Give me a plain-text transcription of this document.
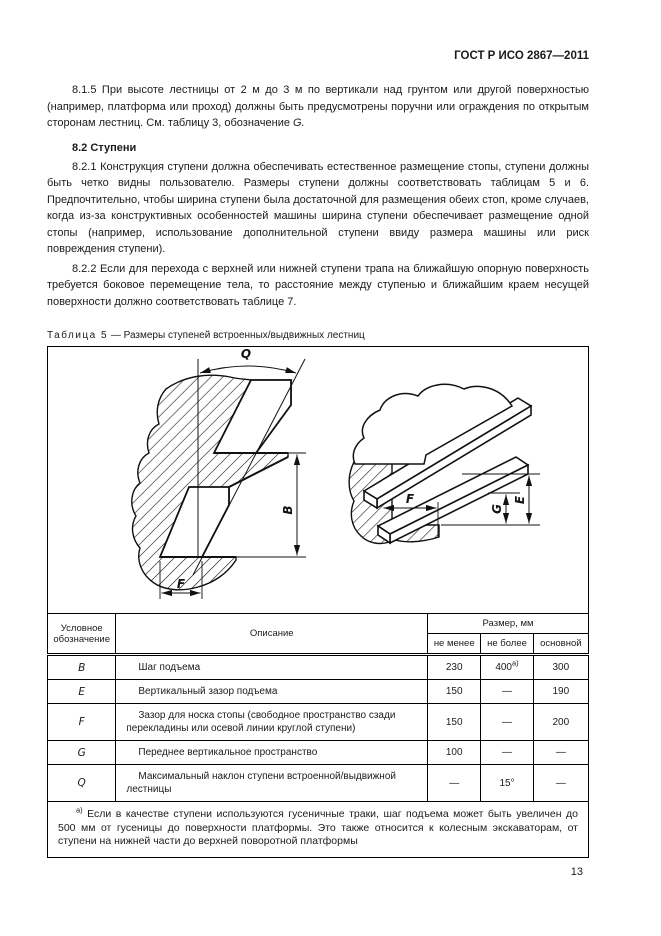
ГОСТ Р ИСО 2867—2011

8.1.5 При высоте лестницы от 2 м до 3 м по вертикали над грунтом или другой поверхностью (например, платформа или проход) должны быть предусмотрены поручни или ограждения по открытым сторонам лестниц. См. таблицу 3, обозначение G.

8.2 Ступени

8.2.1 Конструкция ступени должна обеспечивать естественное размещение стопы, ступени должны быть четко видны пользователю. Размеры ступени должны соответствовать таблицам 5 и 6. Предпочтительно, чтобы ширина ступени была достаточной для размещения обеих стоп, кроме случаев, когда из-за конструктивных особенностей машины ширина ступени обеспечивает размещение одной стопы (например, использование дополнительной ступени ввиду размера машины или риск повреждения ступени).

8.2.2 Если для перехода с верхней или нижней ступени трапа на ближайшую опорную поверхность требуется боковое перемещение тела, то расстояние между ступенью и ближайшим краем несущей поверхности должно соответствовать таблице 7.

Таблица 5 — Размеры ступеней встроенных/выдвижных лестниц

Q
B
F
F
G
E
Условное обозначение	Описание	Размер, мм		
		не менее	не более	основной
B	Шаг подъема	230	$400^{а)}$	300
E	Вертикальный зазор подъема	150	—	190
F	Зазор для носка стопы (свободное пространство сзади перекладины или осевой линии круглой ступени)	150	—	200
G	Переднее вертикальное пространство	100	—	—
Q	Максимальный наклон ступени встроенной/выдвижной лестницы	—	15°	—
$^{а)}$ Если в качестве ступени используются гусеничные траки, шаг подъема может быть увеличен до 500 мм от гусеницы до поверхности платформы. Это также относится к колесным экскаваторам, от ступени на нижней части до верхней поворотной платформы				
13
